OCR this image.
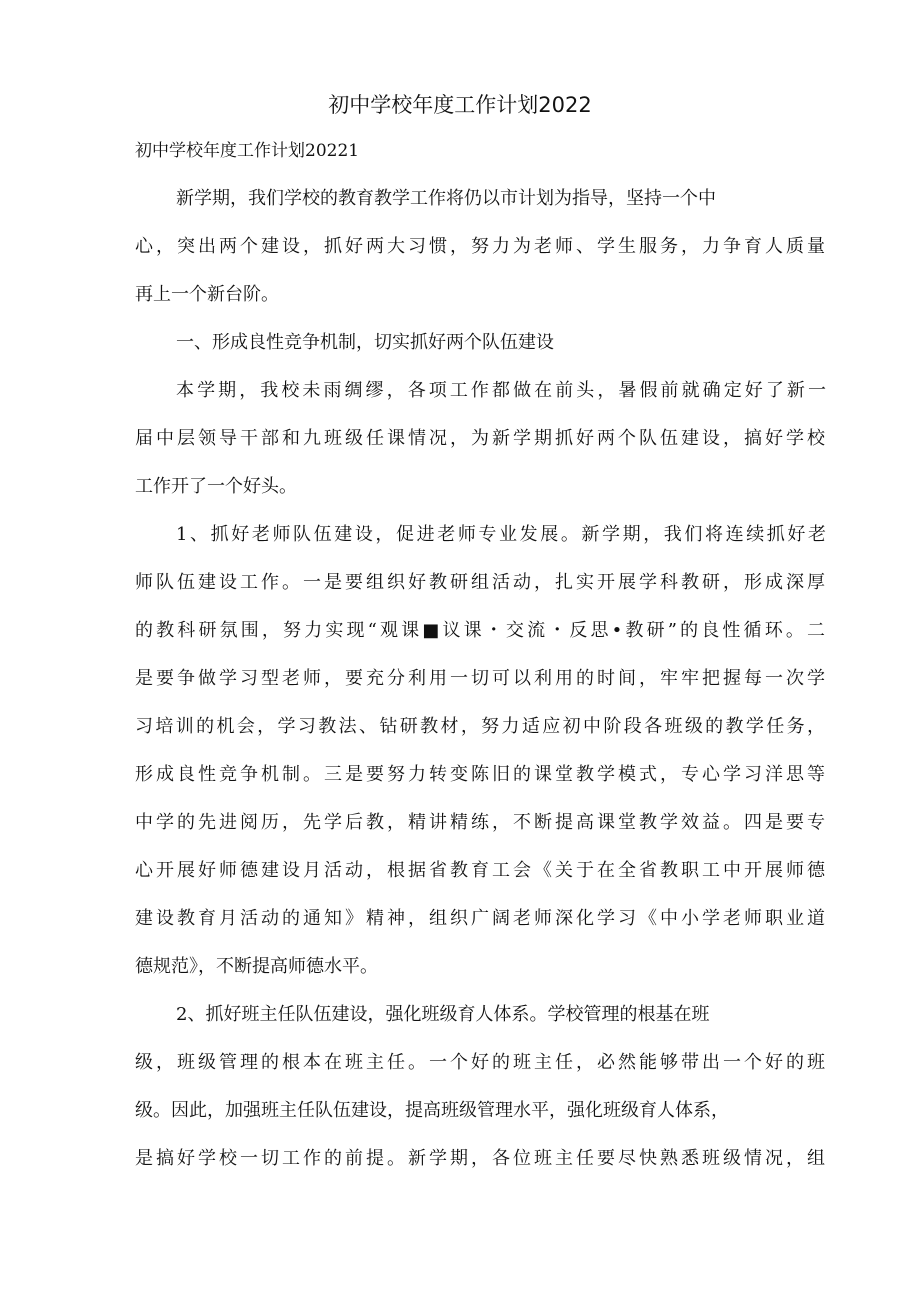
初中学校年度工作计划2022

初中学校年度工作计划20221

新学期，我们学校的教育教学工作将仍以市计划为指导，坚持一个中

心，突出两个建设，抓好两大习惯，努力为老师、学生服务，力争育人质量

再上一个新台阶。

一、形成良性竞争机制，切实抓好两个队伍建设

本学期，我校未雨绸缪，各项工作都做在前头，暑假前就确定好了新一

届中层领导干部和九班级任课情况，为新学期抓好两个队伍建设，搞好学校

工作开了一个好头。

1、抓好老师队伍建设，促进老师专业发展。新学期，我们将连续抓好老

师队伍建设工作。一是要组织好教研组活动，扎实开展学科教研，形成深厚

的教科研氛围，努力实现“观课■议课・交流・反思•教研”的良性循环。二

是要争做学习型老师，要充分利用一切可以利用的时间，牢牢把握每一次学

习培训的机会，学习教法、钻研教材，努力适应初中阶段各班级的教学任务，

形成良性竞争机制。三是要努力转变陈旧的课堂教学模式，专心学习洋思等

中学的先进阅历，先学后教，精讲精练，不断提高课堂教学效益。四是要专

心开展好师德建设月活动，根据省教育工会《关于在全省教职工中开展师德

建设教育月活动的通知》精神，组织广阔老师深化学习《中小学老师职业道

德规范》，不断提高师德水平。

2、抓好班主任队伍建设，强化班级育人体系。学校管理的根基在班

级，班级管理的根本在班主任。一个好的班主任，必然能够带出一个好的班

级。因此，加强班主任队伍建设，提高班级管理水平，强化班级育人体系，

是搞好学校一切工作的前提。新学期，各位班主任要尽快熟悉班级情况，组
